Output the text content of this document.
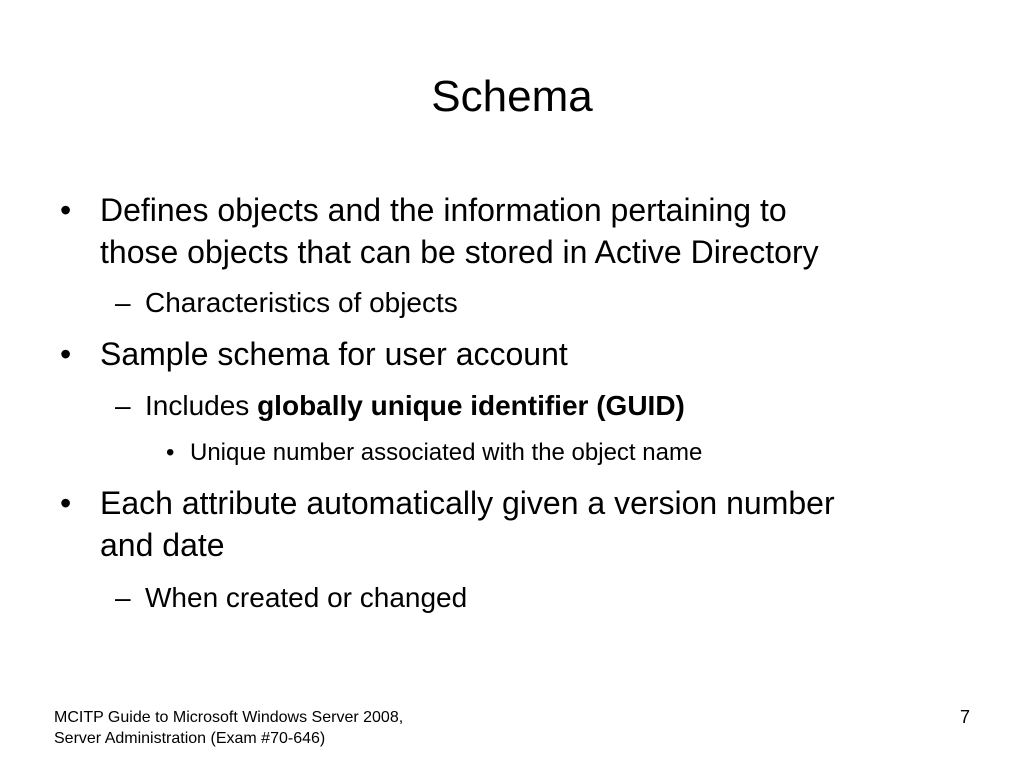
Schema
• Defines objects and the information pertaining to
those objects that can be stored in Active Directory
– Characteristics of objects
• Sample schema for user account
– Includes globally unique identifier (GUID)
• Unique number associated with the object name
• Each attribute automatically given a version number
and date
– When created or changed
MCITP Guide to Microsoft Windows Server 2008,
Server Administration (Exam #70-646)
7
